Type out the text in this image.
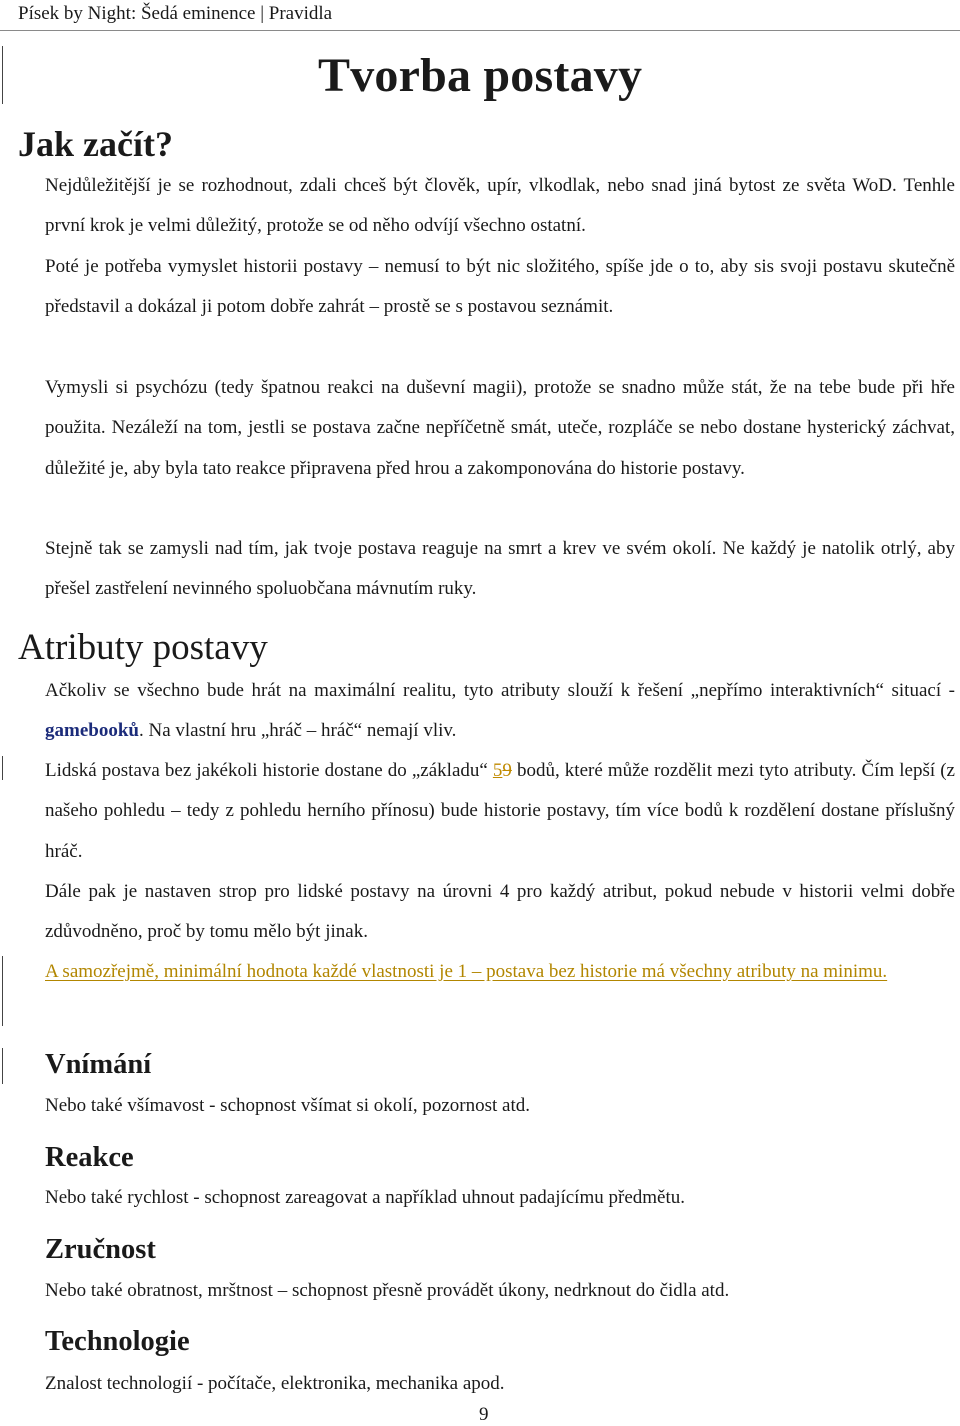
Písek by Night: Šedá eminence | Pravidla
Tvorba postavy
Jak začít?

Nejdůležitější je se rozhodnout, zdali chceš být člověk, upír, vlkodlak, nebo snad jiná bytost ze světa WoD. Tenhle první krok je velmi důležitý, protože se od něho odvíjí všechno ostatní.

Poté je potřeba vymyslet historii postavy – nemusí to být nic složitého, spíše jde o to, aby sis svoji postavu skutečně představil a dokázal ji potom dobře zahrát – prostě se s postavou seznámit.

Vymysli si psychózu (tedy špatnou reakci na duševní magii), protože se snadno může stát, že na tebe bude při hře použita. Nezáleží na tom, jestli se postava začne nepříčetně smát, uteče, rozpláče se nebo dostane hysterický záchvat, důležité je, aby byla tato reakce připravena před hrou a zakomponována do historie postavy.

Stejně tak se zamysli nad tím, jak tvoje postava reaguje na smrt a krev ve svém okolí. Ne každý je natolik otrlý, aby přešel zastřelení nevinného spoluobčana mávnutím ruky.

Atributy postavy

Ačkoliv se všechno bude hrát na maximální realitu, tyto atributy slouží k řešení „nepřímo interaktivních“ situací - gamebooků. Na vlastní hru „hráč – hráč“ nemají vliv.

Lidská postava bez jakékoli historie dostane do „základu“ 59 bodů, které může rozdělit mezi tyto atributy. Čím lepší (z našeho pohledu – tedy z pohledu herního přínosu) bude historie postavy, tím více bodů k rozdělení dostane příslušný hráč.

Dále pak je nastaven strop pro lidské postavy na úrovni 4 pro každý atribut, pokud nebude v historii velmi dobře zdůvodněno, proč by tomu mělo být jinak.

A samozřejmě, minimální hodnota každé vlastnosti je 1 – postava bez historie má všechny atributy na minimu.

Vnímání

Nebo také všímavost - schopnost všímat si okolí, pozornost atd.

Reakce

Nebo také rychlost - schopnost zareagovat a například uhnout padajícímu předmětu.

Zručnost

Nebo také obratnost, mrštnost – schopnost přesně provádět úkony, nedrknout do čidla atd.

Technologie

Znalost technologií - počítače, elektronika, mechanika apod.

9
